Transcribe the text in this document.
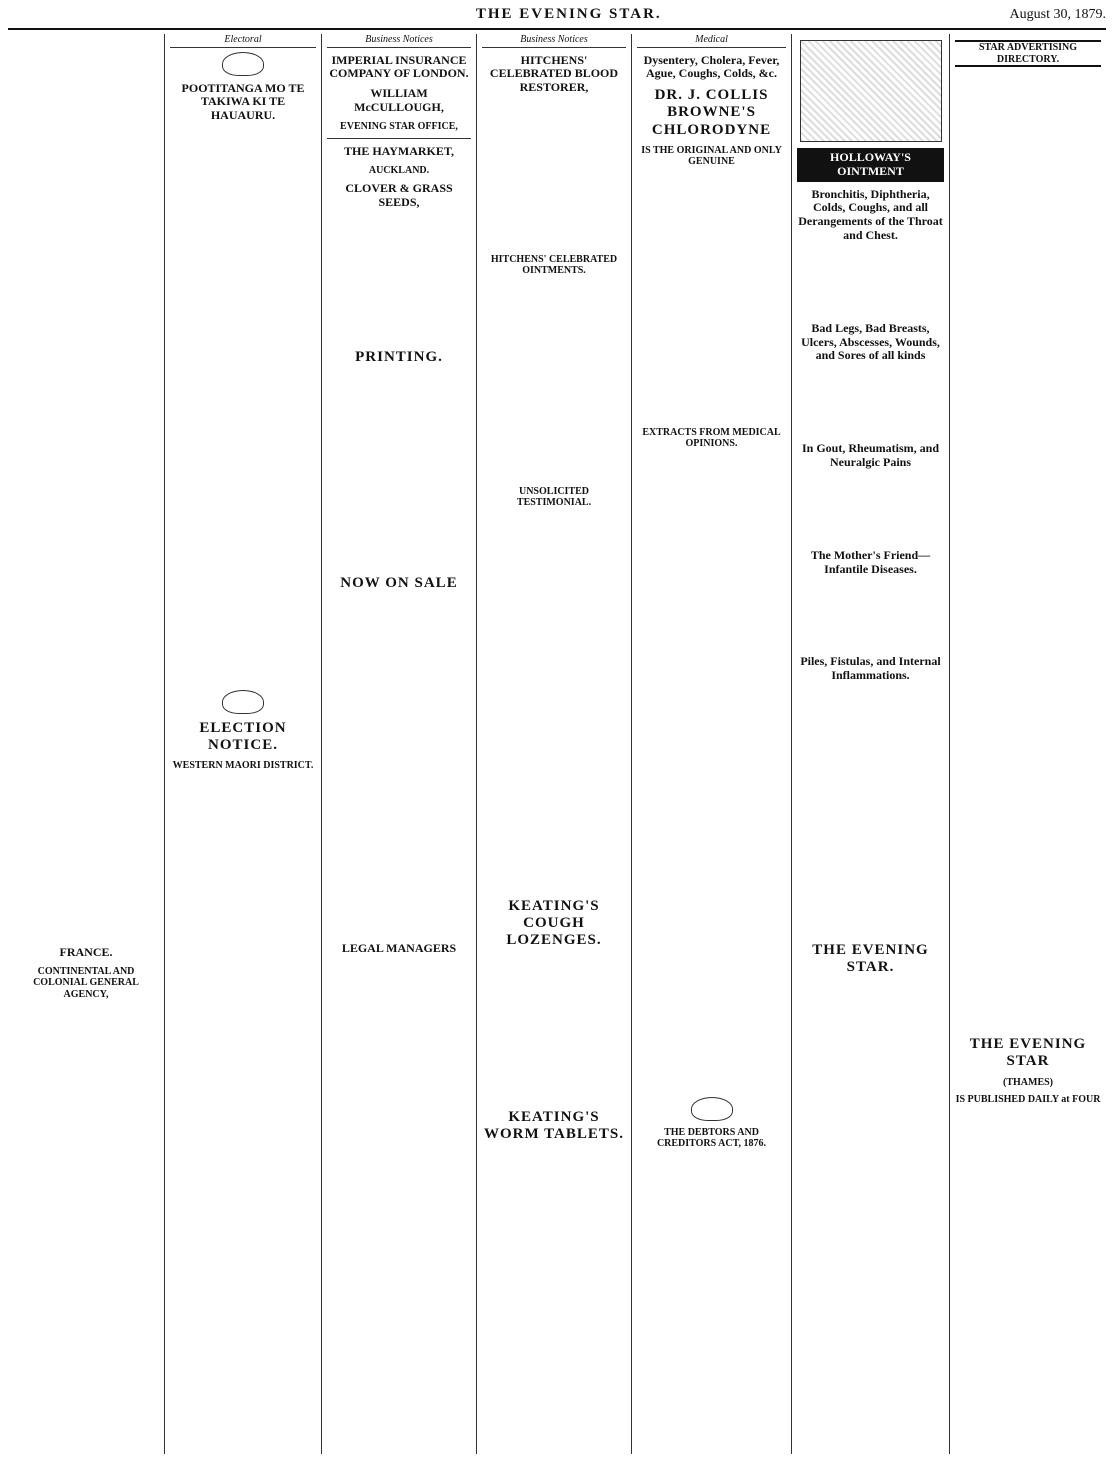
THE EVENING STAR.	August 30, 1879.
FRANCE.
CONTINENTAL AND COLONIAL GENERAL AGENCY,
Electoral
POOTITANGA MO TE TAKIWA KI TE HAUAURU.
ELECTION NOTICE.
WESTERN MAORI DISTRICT.
Business Notices
IMPERIAL INSURANCE COMPANY OF LONDON.
WILLIAM McCULLOUGH,
EVENING STAR OFFICE,
THE HAYMARKET,
AUCKLAND.
CLOVER & GRASS SEEDS,
PRINTING.
NOW ON SALE
LEGAL MANAGERS
Business Notices
HITCHENS' CELEBRATED BLOOD RESTORER,
HITCHENS' CELEBRATED OINTMENTS.
UNSOLICITED TESTIMONIAL.
KEATING'S COUGH LOZENGES.
KEATING'S WORM TABLETS.
Medical
Dysentery, Cholera, Fever, Ague, Coughs, Colds, &c.
DR. J. COLLIS BROWNE'S CHLORODYNE
IS THE ORIGINAL AND ONLY GENUINE
EXTRACTS FROM MEDICAL OPINIONS.
THE DEBTORS AND CREDITORS ACT, 1876.
HOLLOWAY'S OINTMENT
Bronchitis, Diphtheria, Colds, Coughs, and all Derangements of the Throat and Chest.
Bad Legs, Bad Breasts, Ulcers, Abscesses, Wounds, and Sores of all kinds
In Gout, Rheumatism, and Neuralgic Pains
The Mother's Friend—Infantile Diseases.
Piles, Fistulas, and Internal Inflammations.
THE EVENING STAR.
STAR ADVERTISING DIRECTORY.
THE EVENING STAR
(THAMES)
IS PUBLISHED DAILY at FOUR
